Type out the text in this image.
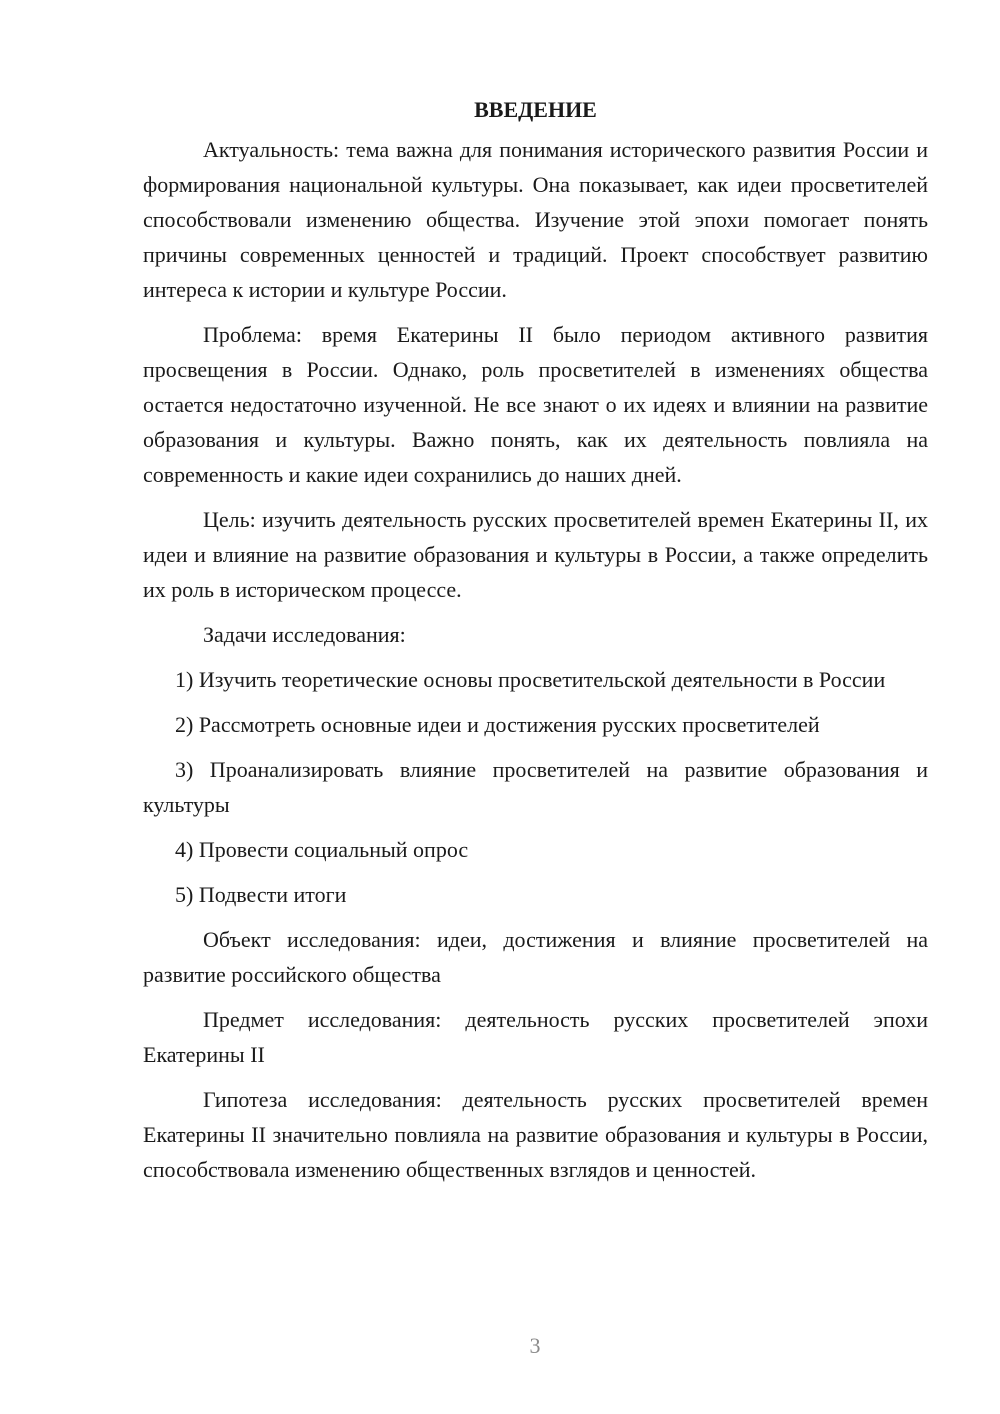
ВВЕДЕНИЕ

Актуальность: тема важна для понимания исторического развития России и формирования национальной культуры. Она показывает, как идеи просветителей способствовали изменению общества. Изучение этой эпохи помогает понять причины современных ценностей и традиций. Проект способствует развитию интереса к истории и культуре России.

Проблема: время Екатерины II было периодом активного развития просвещения в России. Однако, роль просветителей в изменениях общества остается недостаточно изученной. Не все знают о их идеях и влиянии на развитие образования и культуры. Важно понять, как их деятельность повлияла на современность и какие идеи сохранились до наших дней.

Цель: изучить деятельность русских просветителей времен Екатерины II, их идеи и влияние на развитие образования и культуры в России, а также определить их роль в историческом процессе.

Задачи исследования:

1) Изучить теоретические основы просветительской деятельности в России

2) Рассмотреть основные идеи и достижения русских просветителей

3) Проанализировать влияние просветителей на развитие образования и культуры

4) Провести социальный опрос

5) Подвести итоги

Объект исследования: идеи, достижения и влияние просветителей на развитие российского общества

Предмет исследования: деятельность русских просветителей эпохи Екатерины II

Гипотеза исследования: деятельность русских просветителей времен Екатерины II значительно повлияла на развитие образования и культуры в России, способствовала изменению общественных взглядов и ценностей.

3
